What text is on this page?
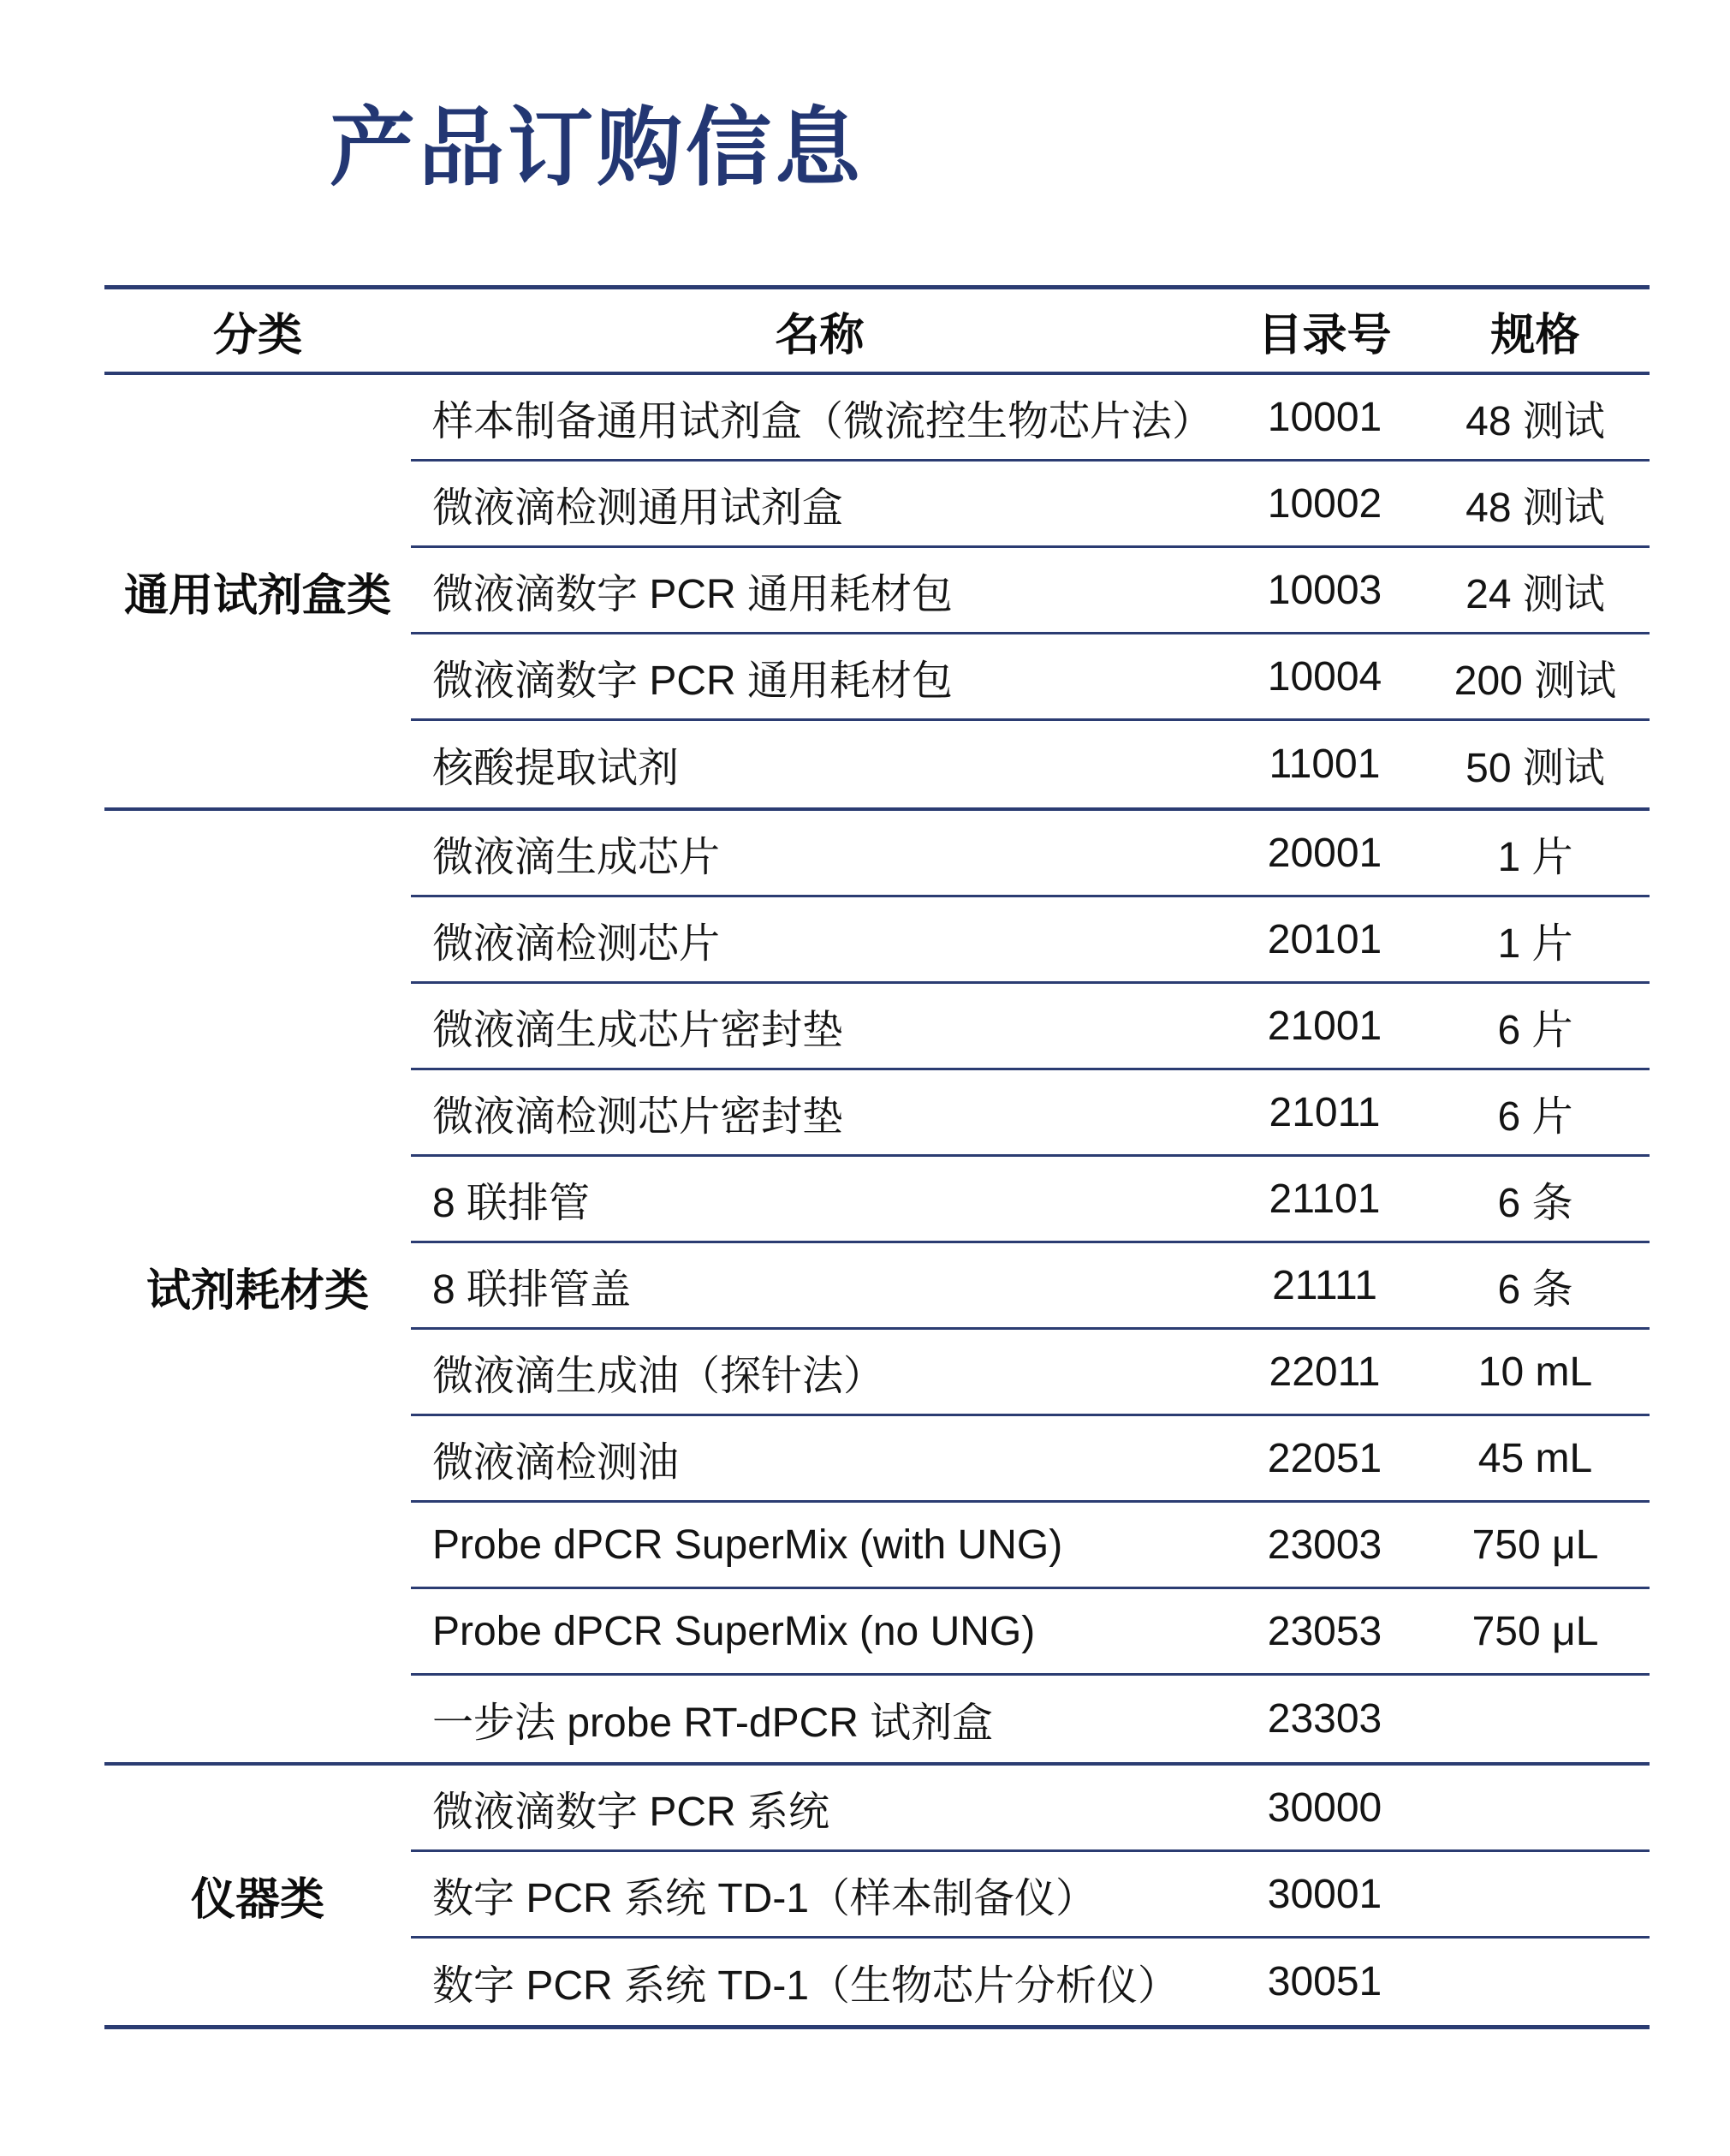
产品订购信息
分类	名称	目录号	规格
通用试剂盒类
样本制备通用试剂盒（微流控生物芯片法）	10001	48 测试
微液滴检测通用试剂盒	10002	48 测试
微液滴数字 PCR 通用耗材包	10003	24 测试
微液滴数字 PCR 通用耗材包	10004	200 测试
核酸提取试剂	11001	50 测试
试剂耗材类
微液滴生成芯片	20001	1 片
微液滴检测芯片	20101	1 片
微液滴生成芯片密封垫	21001	6 片
微液滴检测芯片密封垫	21011	6 片
8 联排管	21101	6 条
8 联排管盖	21111	6 条
微液滴生成油（探针法）	22011	10 mL
微液滴检测油	22051	45 mL
Probe dPCR SuperMix (with UNG)	23003	750 μL
Probe dPCR SuperMix (no UNG)	23053	750 μL
一步法 probe RT-dPCR 试剂盒	23303
仪器类
微液滴数字 PCR 系统	30000
数字 PCR 系统 TD-1（样本制备仪）	30001
数字 PCR 系统 TD-1（生物芯片分析仪）	30051
